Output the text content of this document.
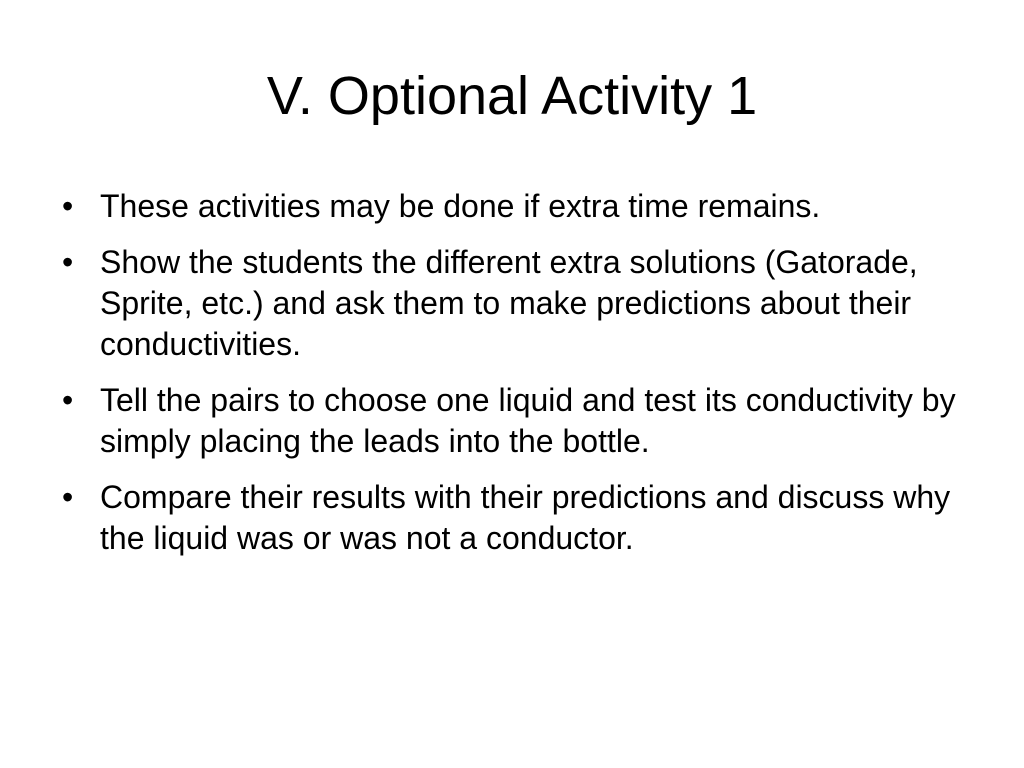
V. Optional Activity 1
• These activities may be done if extra time remains.
• Show the students the different extra solutions (Gatorade, Sprite, etc.) and ask them to make predictions about their conductivities.
• Tell the pairs to choose one liquid and test its conductivity by simply placing the leads into the bottle.
• Compare their results with their predictions and discuss why the liquid was or was not a conductor.
